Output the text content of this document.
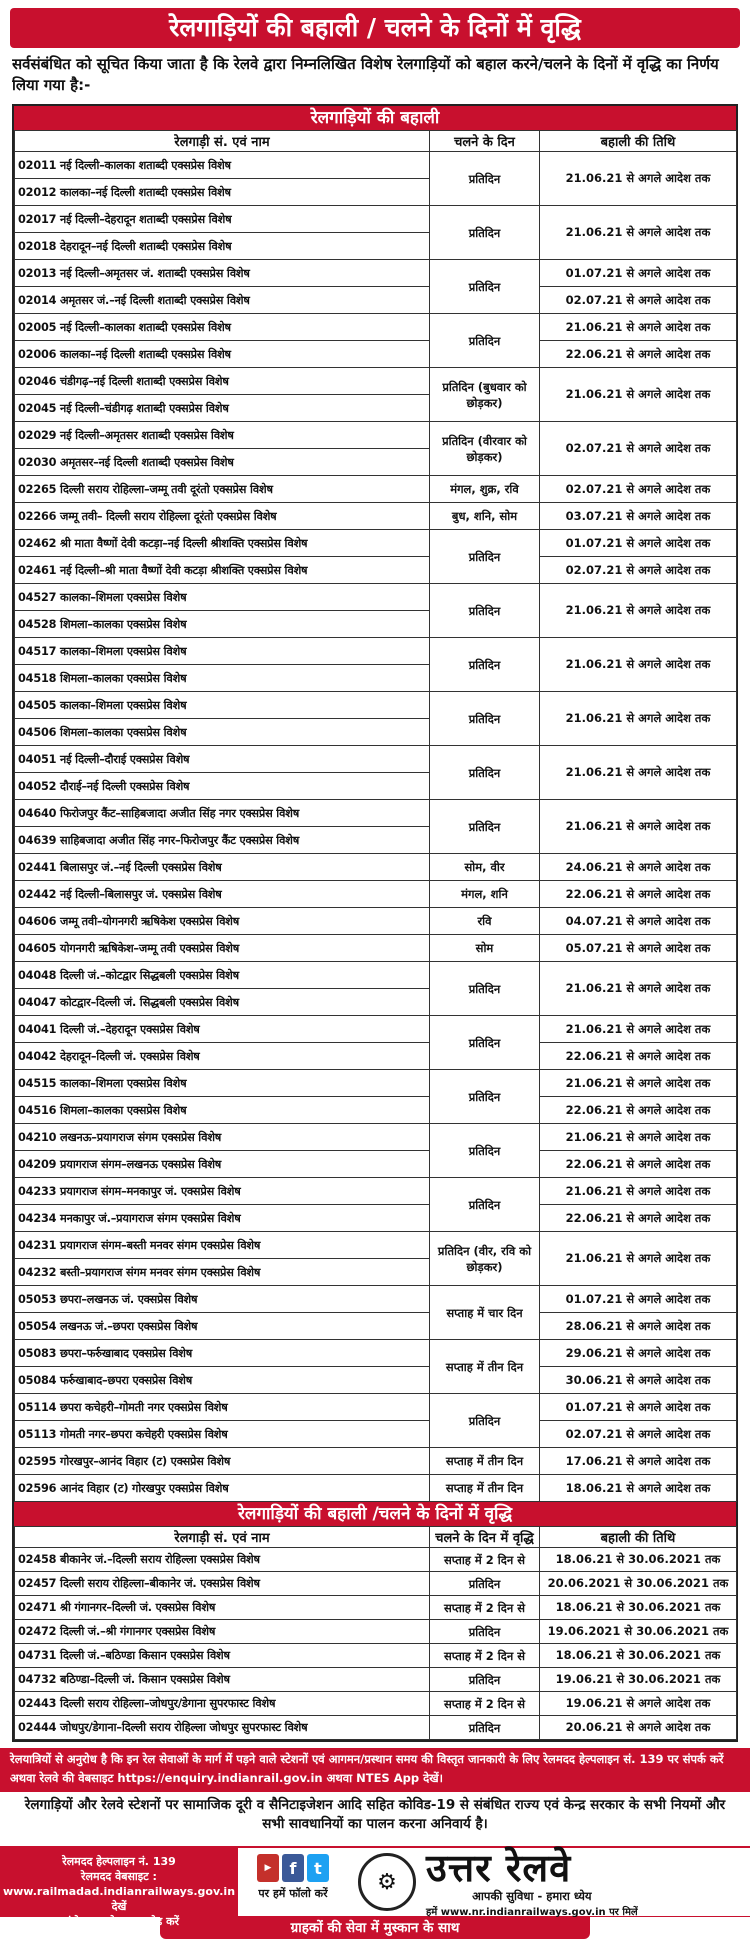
रेलगाड़ियों की बहाली / चलने के दिनों में वृद्धि
सर्वसंबंधित को सूचित किया जाता है कि रेलवे द्वारा निम्नलिखित विशेष रेलगाड़ियों को बहाल करने/चलने के दिनों में वृद्धि का निर्णय लिया गया है:-
रेलगाड़ियों की बहाली
रेलगाड़ी सं. एवं नाम	चलने के दिन	बहाली की तिथि
02011 नई दिल्ली–कालका शताब्दी एक्सप्रेस विशेष	प्रतिदिन	21.06.21 से अगले आदेश तक
02012 कालका–नई दिल्ली शताब्दी एक्सप्रेस विशेष		
02017 नई दिल्ली–देहरादून शताब्दी एक्सप्रेस विशेष	प्रतिदिन	21.06.21 से अगले आदेश तक
02018 देहरादून–नई दिल्ली शताब्दी एक्सप्रेस विशेष		
02013 नई दिल्ली–अमृतसर जं. शताब्दी एक्सप्रेस विशेष	प्रतिदिन	01.07.21 से अगले आदेश तक
02014 अमृतसर जं.–नई दिल्ली शताब्दी एक्सप्रेस विशेष		02.07.21 से अगले आदेश तक
02005 नई दिल्ली–कालका शताब्दी एक्सप्रेस विशेष	प्रतिदिन	21.06.21 से अगले आदेश तक
02006 कालका–नई दिल्ली शताब्दी एक्सप्रेस विशेष		22.06.21 से अगले आदेश तक
02046 चंडीगढ़–नई दिल्ली शताब्दी एक्सप्रेस विशेष	प्रतिदिन (बुधवार को छोड़कर)	21.06.21 से अगले आदेश तक
02045 नई दिल्ली–चंडीगढ़ शताब्दी एक्सप्रेस विशेष		
02029 नई दिल्ली–अमृतसर शताब्दी एक्सप्रेस विशेष	प्रतिदिन (वीरवार को छोड़कर)	02.07.21 से अगले आदेश तक
02030 अमृतसर–नई दिल्ली शताब्दी एक्सप्रेस विशेष		
02265 दिल्ली सराय रोहिल्ला–जम्मू तवी दूरंतो एक्सप्रेस विशेष	मंगल, शुक्र, रवि	02.07.21 से अगले आदेश तक
02266 जम्मू तवी– दिल्ली सराय रोहिल्ला दूरंतो एक्सप्रेस विशेष	बुध, शनि, सोम	03.07.21 से अगले आदेश तक
02462 श्री माता वैष्णों देवी कटड़ा–नई दिल्ली श्रीशक्ति एक्सप्रेस विशेष	प्रतिदिन	01.07.21 से अगले आदेश तक
02461 नई दिल्ली–श्री माता वैष्णों देवी कटड़ा श्रीशक्ति एक्सप्रेस विशेष		02.07.21 से अगले आदेश तक
04527 कालका–शिमला एक्सप्रेस विशेष	प्रतिदिन	21.06.21 से अगले आदेश तक
04528 शिमला–कालका एक्सप्रेस विशेष		
04517 कालका–शिमला एक्सप्रेस विशेष	प्रतिदिन	21.06.21 से अगले आदेश तक
04518 शिमला–कालका एक्सप्रेस विशेष		
04505 कालका–शिमला एक्सप्रेस विशेष	प्रतिदिन	21.06.21 से अगले आदेश तक
04506 शिमला–कालका एक्सप्रेस विशेष		
04051 नई दिल्ली–दौराई एक्सप्रेस विशेष	प्रतिदिन	21.06.21 से अगले आदेश तक
04052 दौराई–नई दिल्ली एक्सप्रेस विशेष		
04640 फिरोजपुर कैंट–साहिबजादा अजीत सिंह नगर एक्सप्रेस विशेष	प्रतिदिन	21.06.21 से अगले आदेश तक
04639 साहिबजादा अजीत सिंह नगर–फिरोजपुर कैंट एक्सप्रेस विशेष		
02441 बिलासपुर जं.–नई दिल्ली एक्सप्रेस विशेष	सोम, वीर	24.06.21 से अगले आदेश तक
02442 नई दिल्ली–बिलासपुर जं. एक्सप्रेस विशेष	मंगल, शनि	22.06.21 से अगले आदेश तक
04606 जम्मू तवी–योगनगरी ऋषिकेश एक्सप्रेस विशेष	रवि	04.07.21 से अगले आदेश तक
04605 योगनगरी ऋषिकेश–जम्मू तवी एक्सप्रेस विशेष	सोम	05.07.21 से अगले आदेश तक
04048 दिल्ली जं.–कोटद्वार सिद्धबली एक्सप्रेस विशेष	प्रतिदिन	21.06.21 से अगले आदेश तक
04047 कोटद्वार–दिल्ली जं. सिद्धबली एक्सप्रेस विशेष		
04041 दिल्ली जं.–देहरादून एक्सप्रेस विशेष	प्रतिदिन	21.06.21 से अगले आदेश तक
04042 देहरादून–दिल्ली जं. एक्सप्रेस विशेष		22.06.21 से अगले आदेश तक
04515 कालका–शिमला एक्सप्रेस विशेष	प्रतिदिन	21.06.21 से अगले आदेश तक
04516 शिमला–कालका एक्सप्रेस विशेष		22.06.21 से अगले आदेश तक
04210 लखनऊ–प्रयागराज संगम एक्सप्रेस विशेष	प्रतिदिन	21.06.21 से अगले आदेश तक
04209 प्रयागराज संगम–लखनऊ एक्सप्रेस विशेष		22.06.21 से अगले आदेश तक
04233 प्रयागराज संगम–मनकापुर जं. एक्सप्रेस विशेष	प्रतिदिन	21.06.21 से अगले आदेश तक
04234 मनकापुर जं.–प्रयागराज संगम एक्सप्रेस विशेष		22.06.21 से अगले आदेश तक
04231 प्रयागराज संगम–बस्ती मनवर संगम एक्सप्रेस विशेष	प्रतिदिन (वीर, रवि को छोड़कर)	21.06.21 से अगले आदेश तक
04232 बस्ती–प्रयागराज संगम मनवर संगम एक्सप्रेस विशेष		
05053 छपरा–लखनऊ जं. एक्सप्रेस विशेष	सप्ताह में चार दिन	01.07.21 से अगले आदेश तक
05054 लखनऊ जं.–छपरा एक्सप्रेस विशेष		28.06.21 से अगले आदेश तक
05083 छपरा–फर्रुखाबाद एक्सप्रेस विशेष	सप्ताह में तीन दिन	29.06.21 से अगले आदेश तक
05084 फर्रुखाबाद–छपरा एक्सप्रेस विशेष		30.06.21 से अगले आदेश तक
05114 छपरा कचेहरी–गोमती नगर एक्सप्रेस विशेष	प्रतिदिन	01.07.21 से अगले आदेश तक
05113 गोमती नगर–छपरा कचेहरी एक्सप्रेस विशेष		02.07.21 से अगले आदेश तक
02595 गोरखपुर–आनंद विहार (ट) एक्सप्रेस विशेष	सप्ताह में तीन दिन	17.06.21 से अगले आदेश तक
02596 आनंद विहार (ट) गोरखपुर एक्सप्रेस विशेष	सप्ताह में तीन दिन	18.06.21 से अगले आदेश तक
रेलगाड़ियों की बहाली /चलने के दिनों में वृद्धि
रेलगाड़ी सं. एवं नाम	चलने के दिन में वृद्धि	बहाली की तिथि
02458 बीकानेर जं.–दिल्ली सराय रोहिल्ला एक्सप्रेस विशेष	सप्ताह में 2 दिन से	18.06.21 से 30.06.2021 तक
02457 दिल्ली सराय रोहिल्ला–बीकानेर जं. एक्सप्रेस विशेष	प्रतिदिन	20.06.2021 से 30.06.2021 तक
02471 श्री गंगानगर–दिल्ली जं. एक्सप्रेस विशेष	सप्ताह में 2 दिन से	18.06.21 से 30.06.2021 तक
02472 दिल्ली जं.–श्री गंगानगर एक्सप्रेस विशेष	प्रतिदिन	19.06.2021 से 30.06.2021 तक
04731 दिल्ली जं.–बठिण्डा किसान एक्सप्रेस विशेष	सप्ताह में 2 दिन से	18.06.21 से 30.06.2021 तक
04732 बठिण्डा–दिल्ली जं. किसान एक्सप्रेस विशेष	प्रतिदिन	19.06.21 से 30.06.2021 तक
02443 दिल्ली सराय रोहिल्ला–जोधपुर/डेगाना सुपरफास्ट विशेष	सप्ताह में 2 दिन से	19.06.21 से अगले आदेश तक
02444 जोधपुर/डेगाना–दिल्ली सराय रोहिल्ला जोधपुर सुपरफास्ट विशेष	प्रतिदिन	20.06.21 से अगले आदेश तक
रेलयात्रियों से अनुरोध है कि इन रेल सेवाओं के मार्ग में पड़ने वाले स्टेशनों एवं आगमन/प्रस्थान समय की विस्तृत जानकारी के लिए रेलमदद हेल्पलाइन सं. 139 पर संपर्क करें अथवा रेलवे की वेबसाइट https://enquiry.indianrail.gov.in अथवा NTES App देखें।
रेलगाड़ियों और रेलवे स्टेशनों पर सामाजिक दूरी व सैनिटाइजेशन आदि सहित कोविड-19 से संबंधित राज्य एवं केन्द्र सरकार के सभी नियमों और सभी सावधानियों का पालन करना अनिवार्य है।
रेलमदद हेल्पलाइन नं. 139
रेलमदद वेबसाइट :
www.railmadad.indianrailways.gov.in देखें
एवं रेलमदद ऐप डाउनलोड करें
▶	f	t
पर हमें फॉलो करें	⚙ उत्तर रेलवे
आपकी सुविधा - हमारा ध्येय
हमें www.nr.indianrailways.gov.in पर मिलें
ग्राहकों की सेवा में मुस्कान के साथ
